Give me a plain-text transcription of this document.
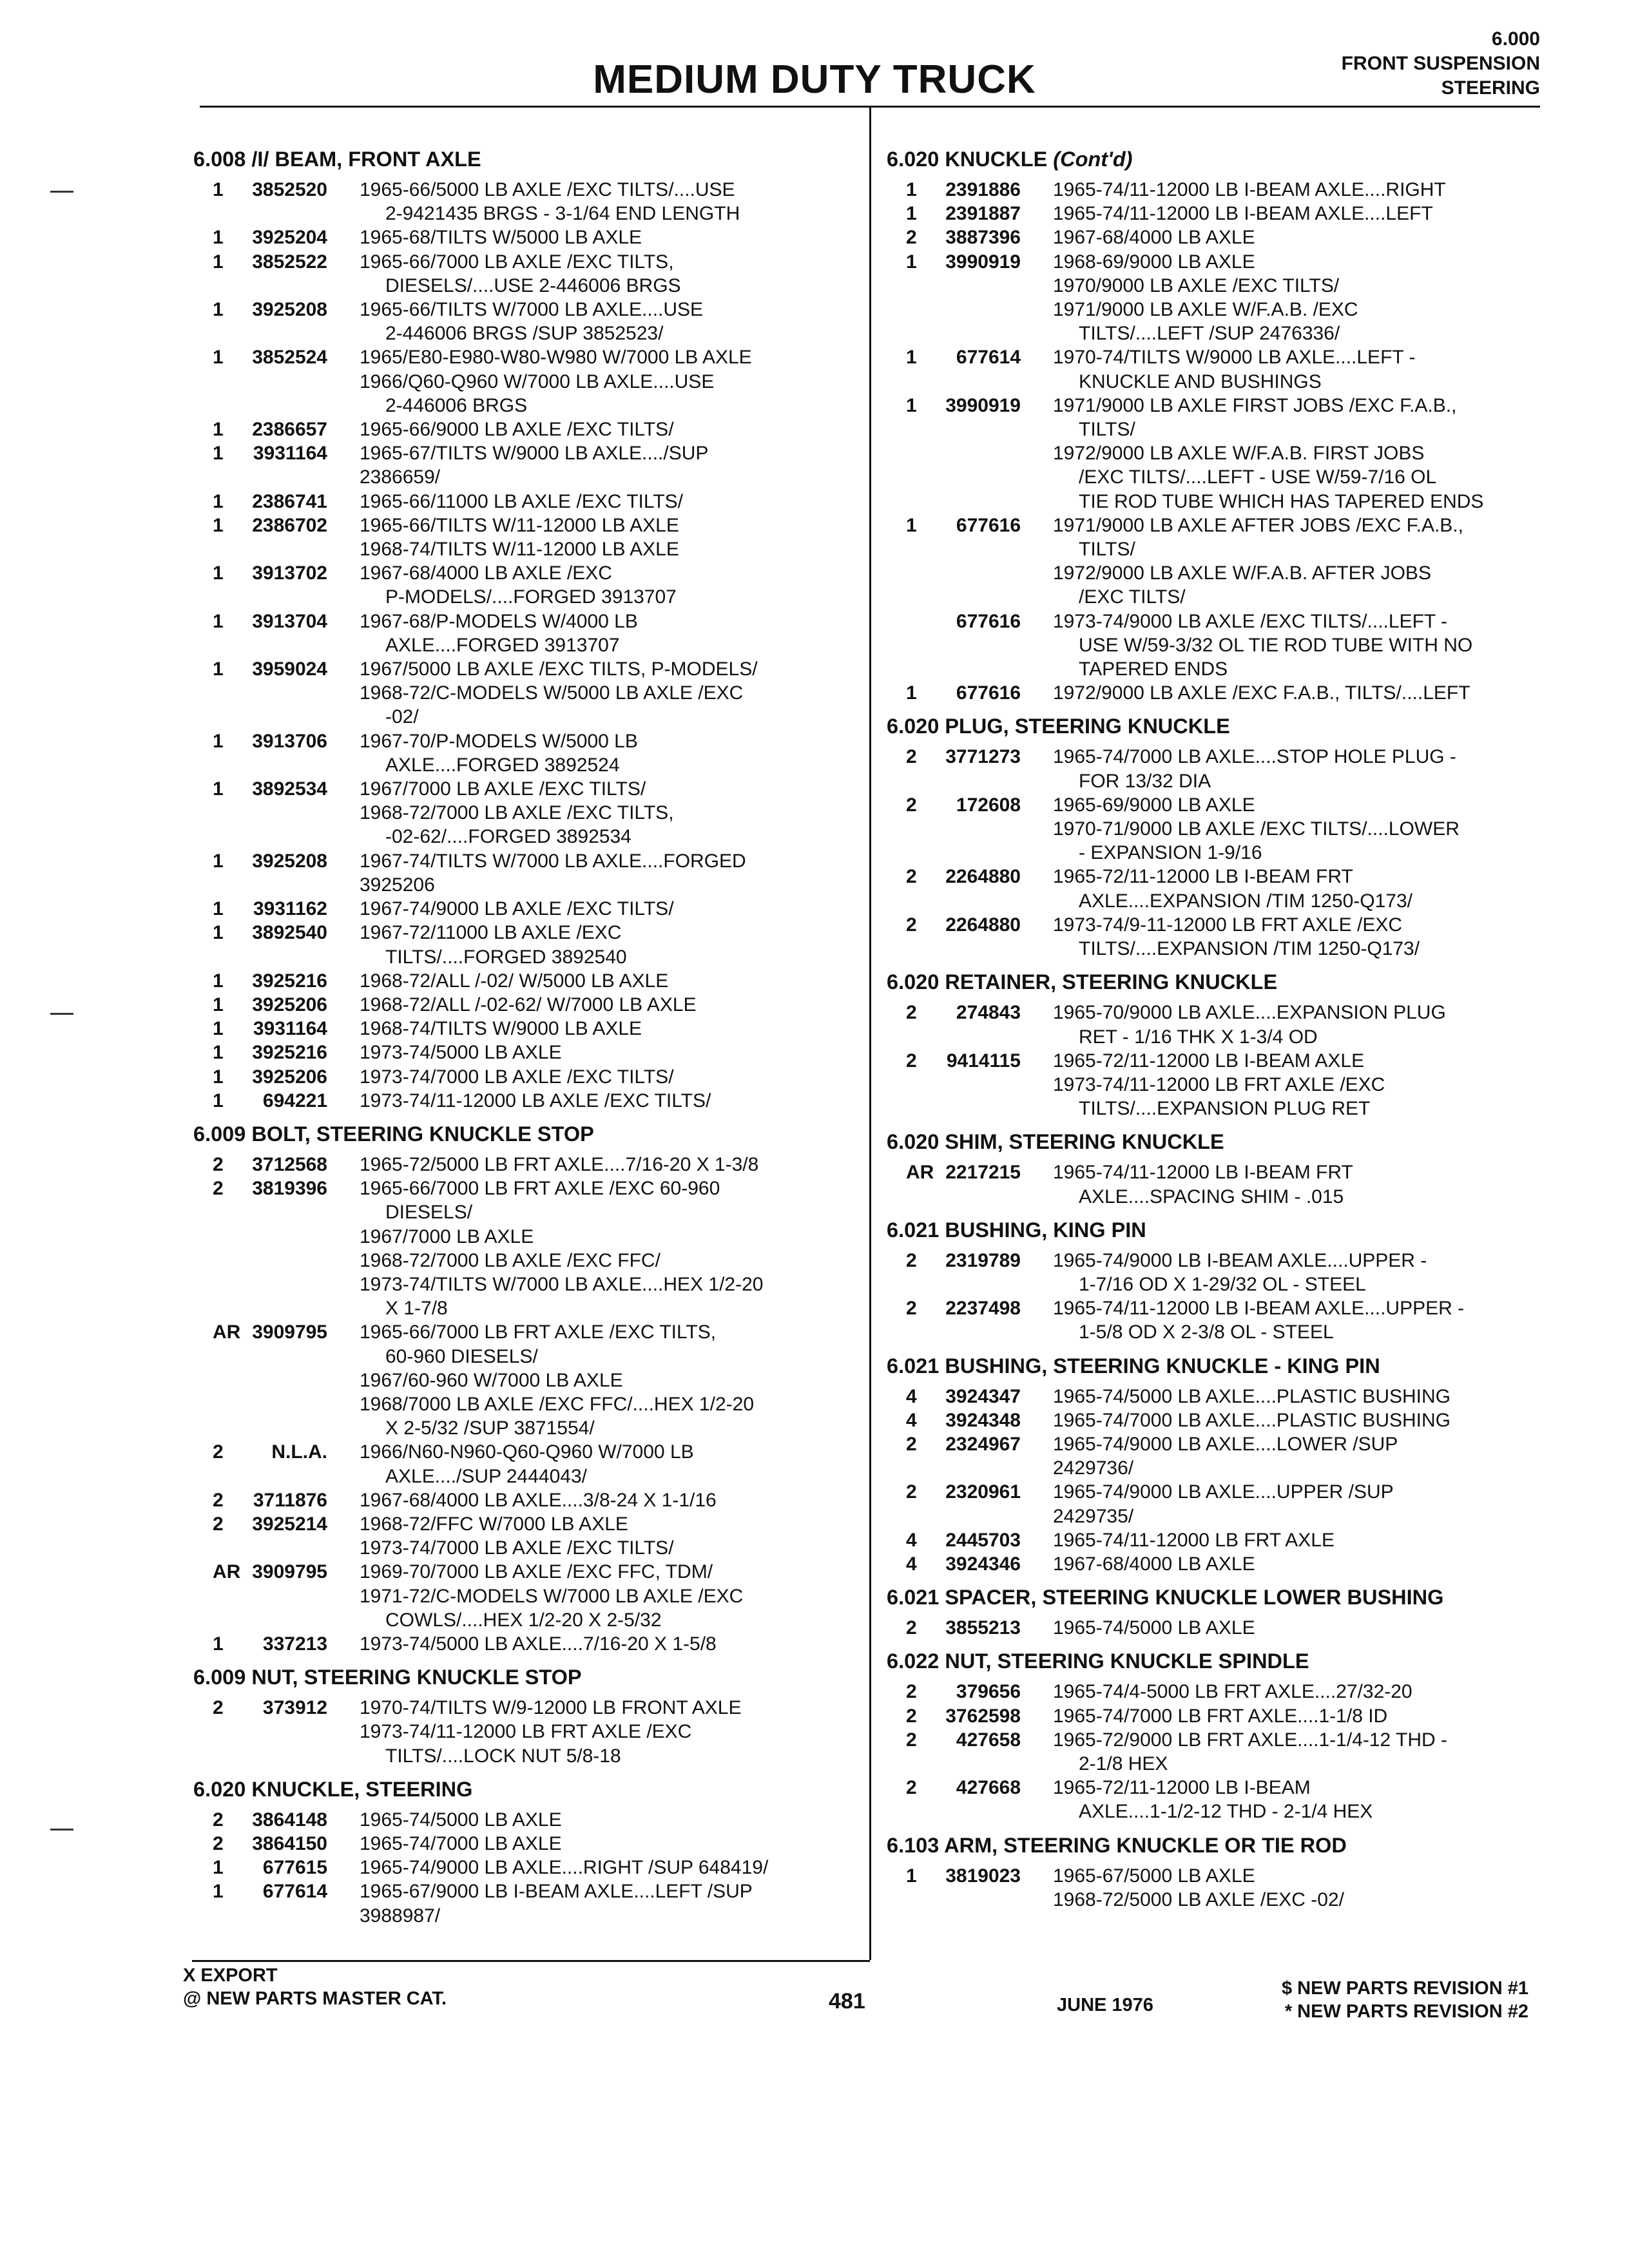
MEDIUM DUTY TRUCK
6.000
FRONT SUSPENSION
STEERING
6.008 /I/ BEAM, FRONT AXLE
1	3852520	1965-66/5000 LB AXLE /EXC TILTS/....USE
2-9421435 BRGS - 3-1/64 END LENGTH
1	3925204	1965-68/TILTS W/5000 LB AXLE
1	3852522	1965-66/7000 LB AXLE /EXC TILTS,
DIESELS/....USE 2-446006 BRGS
1	3925208	1965-66/TILTS W/7000 LB AXLE....USE
2-446006 BRGS /SUP 3852523/
1	3852524	1965/E80-E980-W80-W980 W/7000 LB AXLE
1966/Q60-Q960 W/7000 LB AXLE....USE
2-446006 BRGS
1	2386657	1965-66/9000 LB AXLE /EXC TILTS/
1	3931164	1965-67/TILTS W/9000 LB AXLE..../SUP
2386659/
1	2386741	1965-66/11000 LB AXLE /EXC TILTS/
1	2386702	1965-66/TILTS W/11-12000 LB AXLE
1968-74/TILTS W/11-12000 LB AXLE
1	3913702	1967-68/4000 LB AXLE /EXC
P-MODELS/....FORGED 3913707
1	3913704	1967-68/P-MODELS W/4000 LB
AXLE....FORGED 3913707
1	3959024	1967/5000 LB AXLE /EXC TILTS, P-MODELS/
1968-72/C-MODELS W/5000 LB AXLE /EXC
-02/
1	3913706	1967-70/P-MODELS W/5000 LB
AXLE....FORGED 3892524
1	3892534	1967/7000 LB AXLE /EXC TILTS/
1968-72/7000 LB AXLE /EXC TILTS,
-02-62/....FORGED 3892534
1	3925208	1967-74/TILTS W/7000 LB AXLE....FORGED
3925206
1	3931162	1967-74/9000 LB AXLE /EXC TILTS/
1	3892540	1967-72/11000 LB AXLE /EXC
TILTS/....FORGED 3892540
1	3925216	1968-72/ALL /-02/ W/5000 LB AXLE
1	3925206	1968-72/ALL /-02-62/ W/7000 LB AXLE
1	3931164	1968-74/TILTS W/9000 LB AXLE
1	3925216	1973-74/5000 LB AXLE
1	3925206	1973-74/7000 LB AXLE /EXC TILTS/
1	694221	1973-74/11-12000 LB AXLE /EXC TILTS/
6.009 BOLT, STEERING KNUCKLE STOP
2	3712568	1965-72/5000 LB FRT AXLE....7/16-20 X 1-3/8
2	3819396	1965-66/7000 LB FRT AXLE /EXC 60-960
DIESELS/
1967/7000 LB AXLE
1968-72/7000 LB AXLE /EXC FFC/
1973-74/TILTS W/7000 LB AXLE....HEX 1/2-20
X 1-7/8
AR 3909795	1965-66/7000 LB FRT AXLE /EXC TILTS,
60-960 DIESELS/
1967/60-960 W/7000 LB AXLE
1968/7000 LB AXLE /EXC FFC/....HEX 1/2-20
X 2-5/32 /SUP 3871554/
2	N.L.A.	1966/N60-N960-Q60-Q960 W/7000 LB
AXLE..../SUP 2444043/
2	3711876	1967-68/4000 LB AXLE....3/8-24 X 1-1/16
2	3925214	1968-72/FFC W/7000 LB AXLE
1973-74/7000 LB AXLE /EXC TILTS/
AR 3909795	1969-70/7000 LB AXLE /EXC FFC, TDM/
1971-72/C-MODELS W/7000 LB AXLE /EXC
COWLS/....HEX 1/2-20 X 2-5/32
1	337213	1973-74/5000 LB AXLE....7/16-20 X 1-5/8
6.009 NUT, STEERING KNUCKLE STOP
2	373912	1970-74/TILTS W/9-12000 LB FRONT AXLE
1973-74/11-12000 LB FRT AXLE /EXC
TILTS/....LOCK NUT 5/8-18
6.020 KNUCKLE, STEERING
2	3864148	1965-74/5000 LB AXLE
2	3864150	1965-74/7000 LB AXLE
1	677615	1965-74/9000 LB AXLE....RIGHT /SUP 648419/
1	677614	1965-67/9000 LB I-BEAM AXLE....LEFT /SUP
3988987/
6.020 KNUCKLE (Cont'd)
1	2391886	1965-74/11-12000 LB I-BEAM AXLE....RIGHT
1	2391887	1965-74/11-12000 LB I-BEAM AXLE....LEFT
2	3887396	1967-68/4000 LB AXLE
1	3990919	1968-69/9000 LB AXLE
1970/9000 LB AXLE /EXC TILTS/
1971/9000 LB AXLE W/F.A.B. /EXC
TILTS/....LEFT /SUP 2476336/
1	677614	1970-74/TILTS W/9000 LB AXLE....LEFT -
KNUCKLE AND BUSHINGS
1	3990919	1971/9000 LB AXLE FIRST JOBS /EXC F.A.B.,
TILTS/
1972/9000 LB AXLE W/F.A.B. FIRST JOBS
/EXC TILTS/....LEFT - USE W/59-7/16 OL
TIE ROD TUBE WHICH HAS TAPERED ENDS
1	677616	1971/9000 LB AXLE AFTER JOBS /EXC F.A.B.,
TILTS/
1972/9000 LB AXLE W/F.A.B. AFTER JOBS
/EXC TILTS/
677616	1973-74/9000 LB AXLE /EXC TILTS/....LEFT -
USE W/59-3/32 OL TIE ROD TUBE WITH NO
TAPERED ENDS
1	677616	1972/9000 LB AXLE /EXC F.A.B., TILTS/....LEFT
6.020 PLUG, STEERING KNUCKLE
2	3771273	1965-74/7000 LB AXLE....STOP HOLE PLUG -
FOR 13/32 DIA
2	172608	1965-69/9000 LB AXLE
1970-71/9000 LB AXLE /EXC TILTS/....LOWER
- EXPANSION 1-9/16
2	2264880	1965-72/11-12000 LB I-BEAM FRT
AXLE....EXPANSION /TIM 1250-Q173/
2	2264880	1973-74/9-11-12000 LB FRT AXLE /EXC
TILTS/....EXPANSION /TIM 1250-Q173/
6.020 RETAINER, STEERING KNUCKLE
2	274843	1965-70/9000 LB AXLE....EXPANSION PLUG
RET - 1/16 THK X 1-3/4 OD
2	9414115	1965-72/11-12000 LB I-BEAM AXLE
1973-74/11-12000 LB FRT AXLE /EXC
TILTS/....EXPANSION PLUG RET
6.020 SHIM, STEERING KNUCKLE
AR 2217215	1965-74/11-12000 LB I-BEAM FRT
AXLE....SPACING SHIM - .015
6.021 BUSHING, KING PIN
2	2319789	1965-74/9000 LB I-BEAM AXLE....UPPER -
1-7/16 OD X 1-29/32 OL - STEEL
2	2237498	1965-74/11-12000 LB I-BEAM AXLE....UPPER -
1-5/8 OD X 2-3/8 OL - STEEL
6.021 BUSHING, STEERING KNUCKLE - KING PIN
4	3924347	1965-74/5000 LB AXLE....PLASTIC BUSHING
4	3924348	1965-74/7000 LB AXLE....PLASTIC BUSHING
2	2324967	1965-74/9000 LB AXLE....LOWER /SUP
2429736/
2	2320961	1965-74/9000 LB AXLE....UPPER /SUP
2429735/
4	2445703	1965-74/11-12000 LB FRT AXLE
4	3924346	1967-68/4000 LB AXLE
6.021 SPACER, STEERING KNUCKLE LOWER BUSHING
2	3855213	1965-74/5000 LB AXLE
6.022 NUT, STEERING KNUCKLE SPINDLE
2	379656	1965-74/4-5000 LB FRT AXLE....27/32-20
2	3762598	1965-74/7000 LB FRT AXLE....1-1/8 ID
2	427658	1965-72/9000 LB FRT AXLE....1-1/4-12 THD -
2-1/8 HEX
2	427668	1965-72/11-12000 LB I-BEAM
AXLE....1-1/2-12 THD - 2-1/4 HEX
6.103 ARM, STEERING KNUCKLE OR TIE ROD
1	3819023	1965-67/5000 LB AXLE
1968-72/5000 LB AXLE /EXC -02/
X EXPORT
@ NEW PARTS MASTER CAT.	481	JUNE 1976
$ NEW PARTS REVISION #1
* NEW PARTS REVISION #2
